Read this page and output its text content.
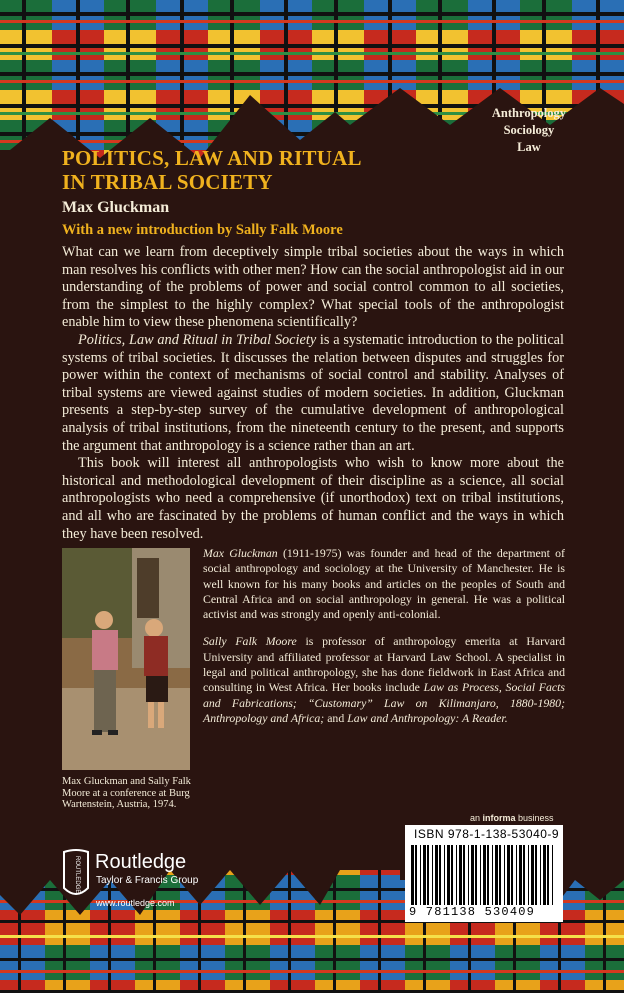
Anthropology
Sociology
Law
POLITICS, LAW AND RITUAL
IN TRIBAL SOCIETY
Max Gluckman
With a new introduction by Sally Falk Moore

What can we learn from deceptively simple tribal societies about the ways in which man resolves his conflicts with other men? How can the social anthropologist aid in our understanding of the problems of power and social control common to all societies, from the simplest to the highly complex? What special tools of the anthropologist enable him to view these phenomena scientifically?

Politics, Law and Ritual in Tribal Society is a systematic introduction to the political systems of tribal societies. It discusses the relation between disputes and struggles for power within the context of mechanisms of social control and stability. Analyses of tribal systems are viewed against studies of modern societies. In addition, Gluckman presents a step-by-step survey of the cumulative development of anthropological analysis of tribal institutions, from the nineteenth century to the present, and supports the argument that anthropology is a science rather than an art.

This book will interest all anthropologists who wish to know more about the historical and methodological development of their discipline as a science, all social anthropologists who need a comprehensive (if unorthodox) text on tribal institutions, and all who are fascinated by the problems of human conflict and the ways in which they have been resolved.

Max Gluckman and Sally Falk Moore at a conference at Burg Wartenstein, Austria, 1974.

Max Gluckman (1911-1975) was founder and head of the department of social anthropology and sociology at the University of Manchester. He is well known for his many books and articles on the peoples of South and Central Africa and on social anthropology in general. He was a political activist and was strongly and openly anti-colonial.

Sally Falk Moore is professor of anthropology emerita at Harvard University and affiliated professor at Harvard Law School. A specialist in legal and political anthropology, she has done fieldwork in East Africa and consulting in West Africa. Her books include Law as Process, Social Facts and Fabrications; “Customary” Law on Kilimanjaro, 1880-1980; Anthropology and Africa; and Law and Anthropology: A Reader.

an informa business
ISBN 978-1-138-53040-9
9 781138 530409
ROUTLEDGE Routledge
Taylor & Francis Group
www.routledge.com
